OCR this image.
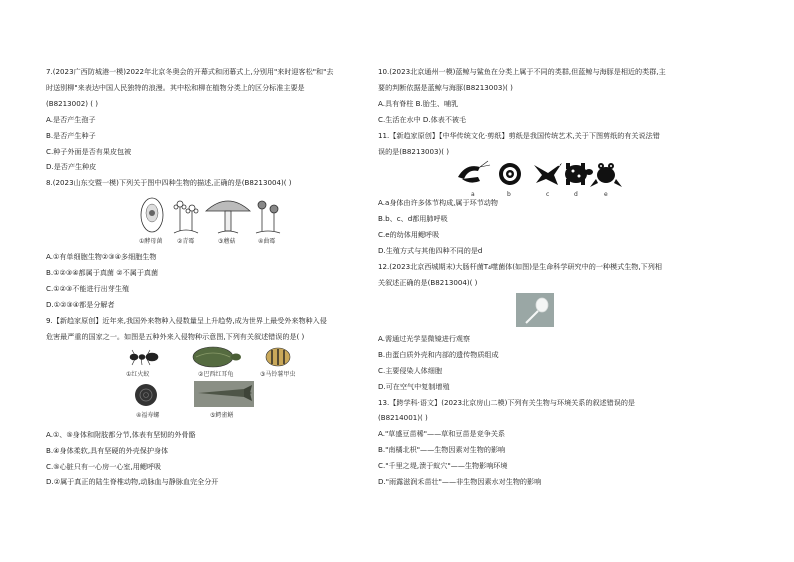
7.(2023广西防城港一模)2022年北京冬奥会的开幕式和闭幕式上,分别用"来时迎客松"和"去
时送别柳"来表达中国人民独特的浪漫。其中松和柳在植物分类上的区分标准主要是
(B8213002) ( )
A.是否产生孢子
B.是否产生种子
C.种子外面是否有果皮包被
D.是否产生种皮
8.(2023山东交暨一模)下列关于图中四种生物的描述,正确的是(B8213004)( )
①酵母菌 ②青霉	③蘑菇	④曲霉
A.①有单细胞生物②③④多细胞生物
B.①②③④都属于真菌 ②不属于真菌
C.①②③不能进行出芽生殖
D.①②③④都是分解者
9.【新趋家原创】近年来,我国外来物种入侵数量呈上升趋势,成为世界上最受外来物种入侵
危害最严重的国家之一。如图是五种外来入侵物种示意图,下列有关叙述错误的是( )
①红火蚁	②巴西红耳龟	③马铃薯甲虫
④福寿螺	⑤鳄雀鳝
A.①、⑤身体和附肢都分节,体表有坚韧的外骨骼
B.④身体柔软,具有坚硬的外壳保护身体
C.⑤心脏只有一心房一心室,用鳃呼吸
D.②属于真正的陆生脊椎动物,动脉血与静脉血完全分开
10.(2023北京通州一模)蓝鲸与鲨鱼在分类上属于不同的类群,但蓝鲸与海豚是相近的类群,主
要的判断依据是蓝鲸与海豚(B8213003)( )
A.具有脊柱 B.胎生、哺乳
C.生活在水中 D.体表不被毛
11.【新趋家原创】【中华传统文化·剪纸】剪纸是我国传统艺术,关于下图剪纸的有关说法错
误的是(B8213003)( )
a	b	c	d	e
A.a身体由许多体节构成,属于环节动物
B.b、c、d都用肺呼吸
C.e的幼体用鳃呼吸
D.生殖方式与其他四种不同的是d
12.(2023北京西城期末)大肠杆菌T₄噬菌体(如图)是生命科学研究中的一种模式生物,下列相
关叙述正确的是(B8213004)( )
A.需通过光学显微镜进行观察
B.由蛋白质外壳和内部的遗传物质组成
C.主要侵染人体细胞
D.可在空气中复制增殖
13.【跨学科·语文】(2023北京房山二模)下列有关生物与环境关系的叙述错误的是
(B8214001)( )
A."草盛豆苗稀"——草和豆苗是竞争关系
B."南橘北枳"——生物因素对生物的影响
C."千里之堤,溃于蚁穴"——生物影响环境
D."雨露滋润禾苗壮"——非生物因素水对生物的影响
